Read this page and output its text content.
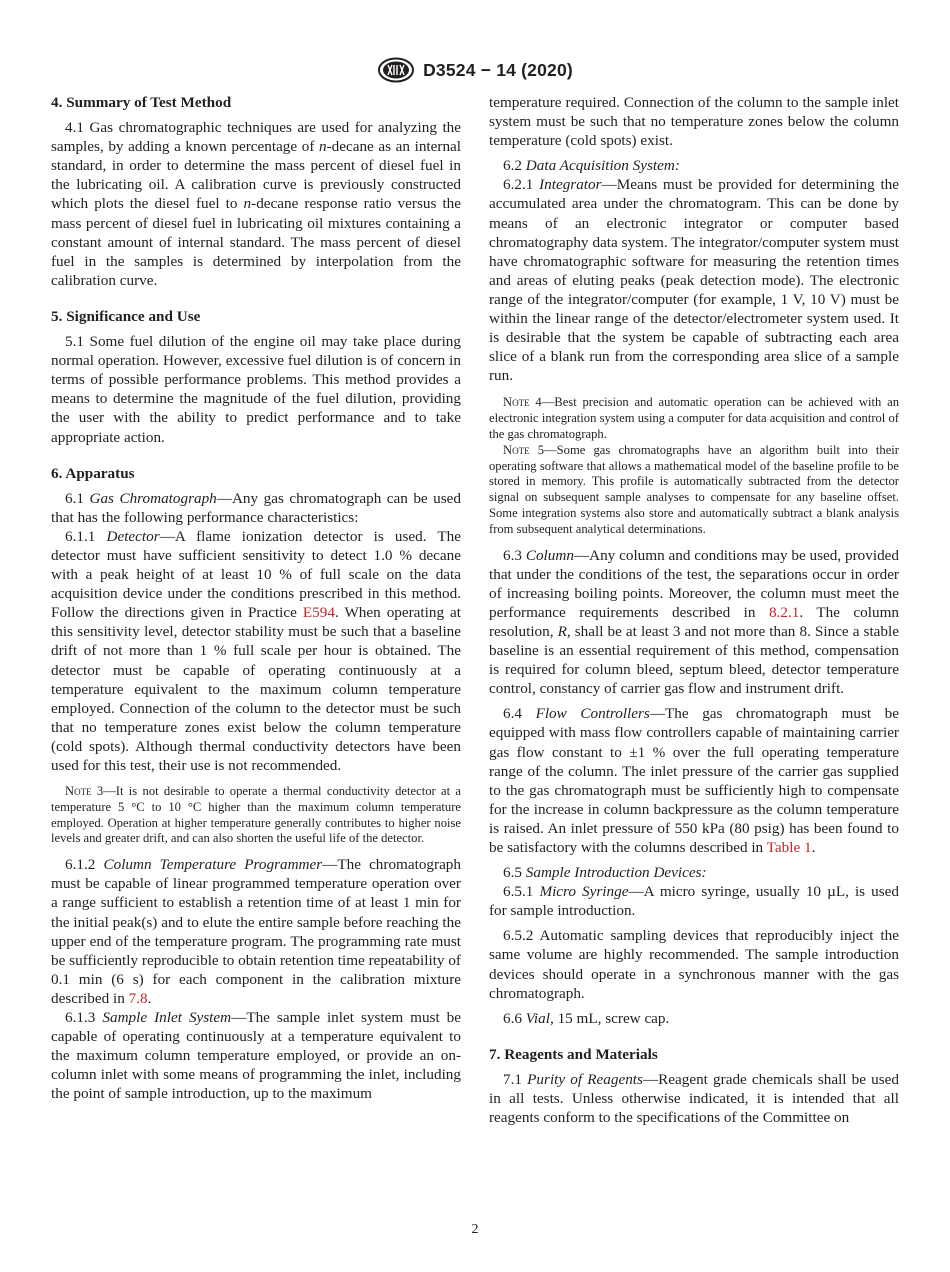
D3524 − 14 (2020)
4. Summary of Test Method

4.1 Gas chromatographic techniques are used for analyzing the samples, by adding a known percentage of n-decane as an internal standard, in order to determine the mass percent of diesel fuel in the lubricating oil. A calibration curve is previously constructed which plots the diesel fuel to n-decane response ratio versus the mass percent of diesel fuel in lubricating oil mixtures containing a constant amount of internal standard. The mass percent of diesel fuel in the samples is determined by interpolation from the calibration curve.

5. Significance and Use

5.1 Some fuel dilution of the engine oil may take place during normal operation. However, excessive fuel dilution is of concern in terms of possible performance problems. This method provides a means to determine the magnitude of the fuel dilution, providing the user with the ability to predict performance and to take appropriate action.

6. Apparatus

6.1 Gas Chromatograph—Any gas chromatograph can be used that has the following performance characteristics:

6.1.1 Detector—A flame ionization detector is used. The detector must have sufficient sensitivity to detect 1.0 % decane with a peak height of at least 10 % of full scale on the data acquisition device under the conditions prescribed in this method. Follow the directions given in Practice E594. When operating at this sensitivity level, detector stability must be such that a baseline drift of not more than 1 % full scale per hour is obtained. The detector must be capable of operating continuously at a temperature equivalent to the maximum column temperature employed. Connection of the column to the detector must be such that no temperature zones exist below the column temperature (cold spots). Although thermal conductivity detectors have been used for this test, their use is not recommended.

Note 3—It is not desirable to operate a thermal conductivity detector at a temperature 5 °C to 10 °C higher than the maximum column temperature employed. Operation at higher temperature generally contributes to higher noise levels and greater drift, and can also shorten the useful life of the detector.

6.1.2 Column Temperature Programmer—The chromatograph must be capable of linear programmed temperature operation over a range sufficient to establish a retention time of at least 1 min for the initial peak(s) and to elute the entire sample before reaching the upper end of the temperature program. The programming rate must be sufficiently reproducible to obtain retention time repeatability of 0.1 min (6 s) for each component in the calibration mixture described in 7.8.

6.1.3 Sample Inlet System—The sample inlet system must be capable of operating continuously at a temperature equivalent to the maximum column temperature employed, or provide an on-column inlet with some means of programming the inlet, including the point of sample introduction, up to the maximum

temperature required. Connection of the column to the sample inlet system must be such that no temperature zones below the column temperature (cold spots) exist.

6.2 Data Acquisition System:

6.2.1 Integrator—Means must be provided for determining the accumulated area under the chromatogram. This can be done by means of an electronic integrator or computer based chromatography data system. The integrator/computer system must have chromatographic software for measuring the retention times and areas of eluting peaks (peak detection mode). The electronic range of the integrator/computer (for example, 1 V, 10 V) must be within the linear range of the detector/electrometer system used. It is desirable that the system be capable of subtracting each area slice of a blank run from the corresponding area slice of a sample run.

Note 4—Best precision and automatic operation can be achieved with an electronic integration system using a computer for data acquisition and control of the gas chromatograph.

Note 5—Some gas chromatographs have an algorithm built into their operating software that allows a mathematical model of the baseline profile to be stored in memory. This profile is automatically subtracted from the detector signal on subsequent sample analyses to compensate for any baseline offset. Some integration systems also store and automatically subtract a blank analysis from subsequent analytical determinations.

6.3 Column—Any column and conditions may be used, provided that under the conditions of the test, the separations occur in order of increasing boiling points. Moreover, the column must meet the performance requirements described in 8.2.1. The column resolution, R, shall be at least 3 and not more than 8. Since a stable baseline is an essential requirement of this method, compensation is required for column bleed, septum bleed, detector temperature control, constancy of carrier gas flow and instrument drift.

6.4 Flow Controllers—The gas chromatograph must be equipped with mass flow controllers capable of maintaining carrier gas flow constant to ±1 % over the full operating temperature range of the column. The inlet pressure of the carrier gas supplied to the gas chromatograph must be sufficiently high to compensate for the increase in column backpressure as the column temperature is raised. An inlet pressure of 550 kPa (80 psig) has been found to be satisfactory with the columns described in Table 1.

6.5 Sample Introduction Devices:

6.5.1 Micro Syringe—A micro syringe, usually 10 µL, is used for sample introduction.

6.5.2 Automatic sampling devices that reproducibly inject the same volume are highly recommended. The sample introduction devices should operate in a synchronous manner with the gas chromatograph.

6.6 Vial, 15 mL, screw cap.

7. Reagents and Materials

7.1 Purity of Reagents—Reagent grade chemicals shall be used in all tests. Unless otherwise indicated, it is intended that all reagents conform to the specifications of the Committee on

2
